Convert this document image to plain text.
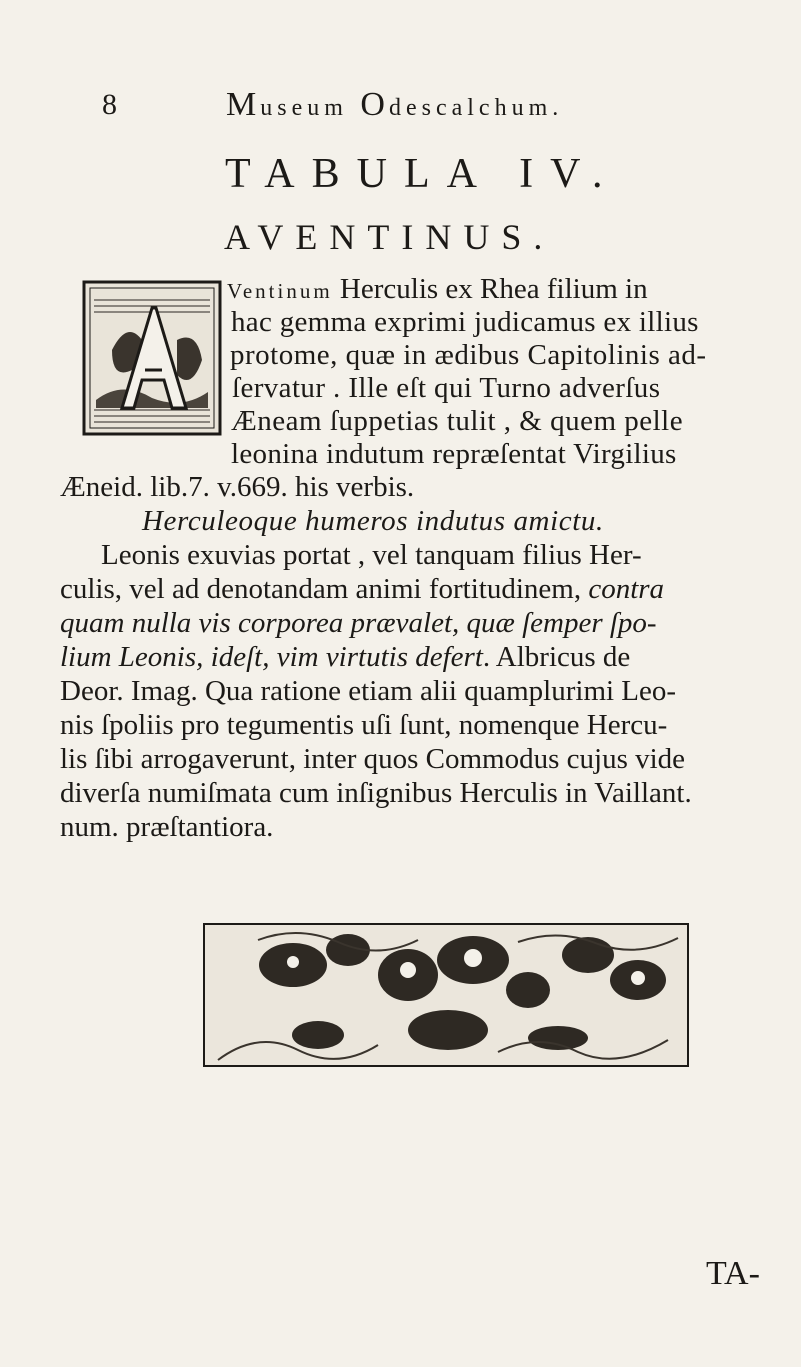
8	Museum Odescalchum.
TABULA IV.
AVENTINUS.
A
Ventinum Herculis ex Rhea filium in
hac gemma exprimi judicamus ex illius
protome, quæ in ædibus Capitolinis ad-
ſervatur . Ille eſt qui Turno adverſus
Æneam ſuppetias tulit , & quem pelle
leonina indutum repræſentat Virgilius
Æneid. lib.7. v.669. his verbis.
Herculeoque humeros indutus amictu.
Leonis exuvias portat , vel tanquam filius Her-
culis, vel ad denotandam animi fortitudinem, contra
quam nulla vis corporea prævalet, quæ ſemper ſpo-
lium Leonis, ideſt, vim virtutis defert. Albricus de
Deor. Imag. Qua ratione etiam alii quamplurimi Leo-
nis ſpoliis pro tegumentis uſi ſunt, nomenque Hercu-
lis ſibi arrogaverunt, inter quos Commodus cujus vide
diverſa numiſmata cum inſignibus Herculis in Vaillant.
num. præſtantiora.
TA-
